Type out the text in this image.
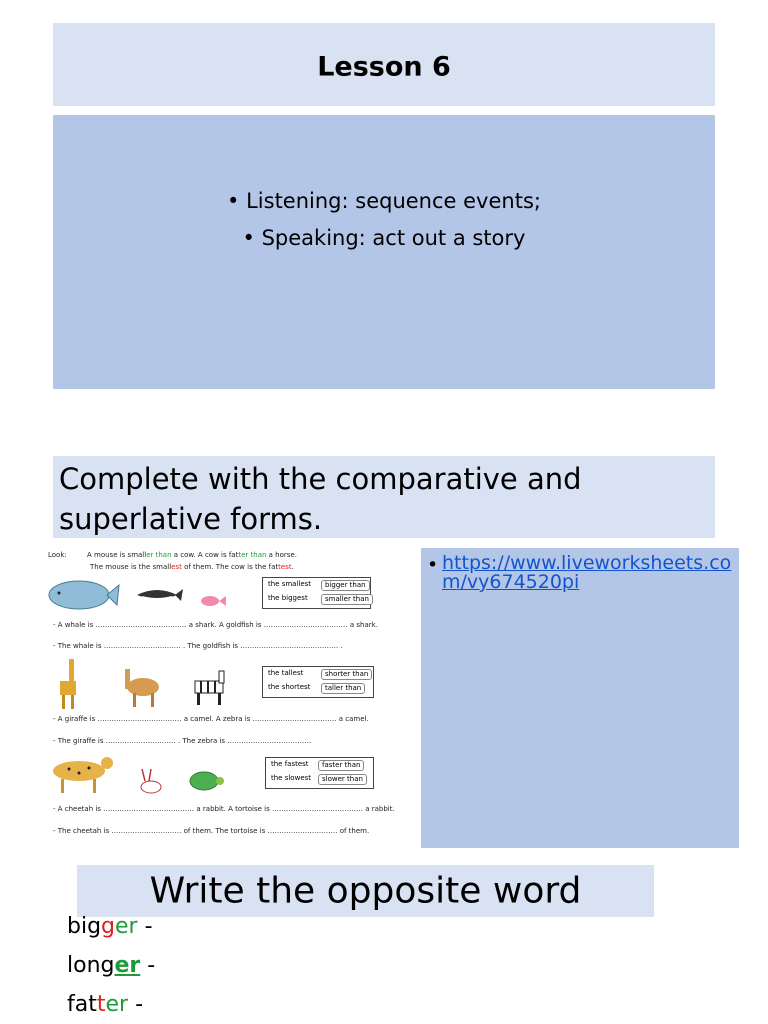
Lesson 6
• Listening: sequence events;
• Speaking: act out a story
Complete with the comparative and superlative forms.
Look:	A mouse is smaller than a cow. A cow is fatter than a horse.
The mouse is the smallest of them. The cow is the fattest.
the smallest	bigger than
the biggest	smaller than
- A whale is ………………………………… a shark. A goldfish is ……………………………… a shark.
- The whale is …………………………… . The goldfish is …………………………………… .
the tallest	shorter than
the shortest	taller than
- A giraffe is ……………………………… a camel. A zebra is ……………………………… a camel.
- The giraffe is ………………………… . The zebra is ………………………………
the fastest	faster than
the slowest	slower than
- A cheetah is ………………………………… a rabbit. A tortoise is ………………………………… a rabbit.
- The cheetah is ………………………… of them. The tortoise is ………………………… of them.
• https://www.liveworksheets.com/vy674520pi
Write the opposite word
bigger -
longer -
fatter -
